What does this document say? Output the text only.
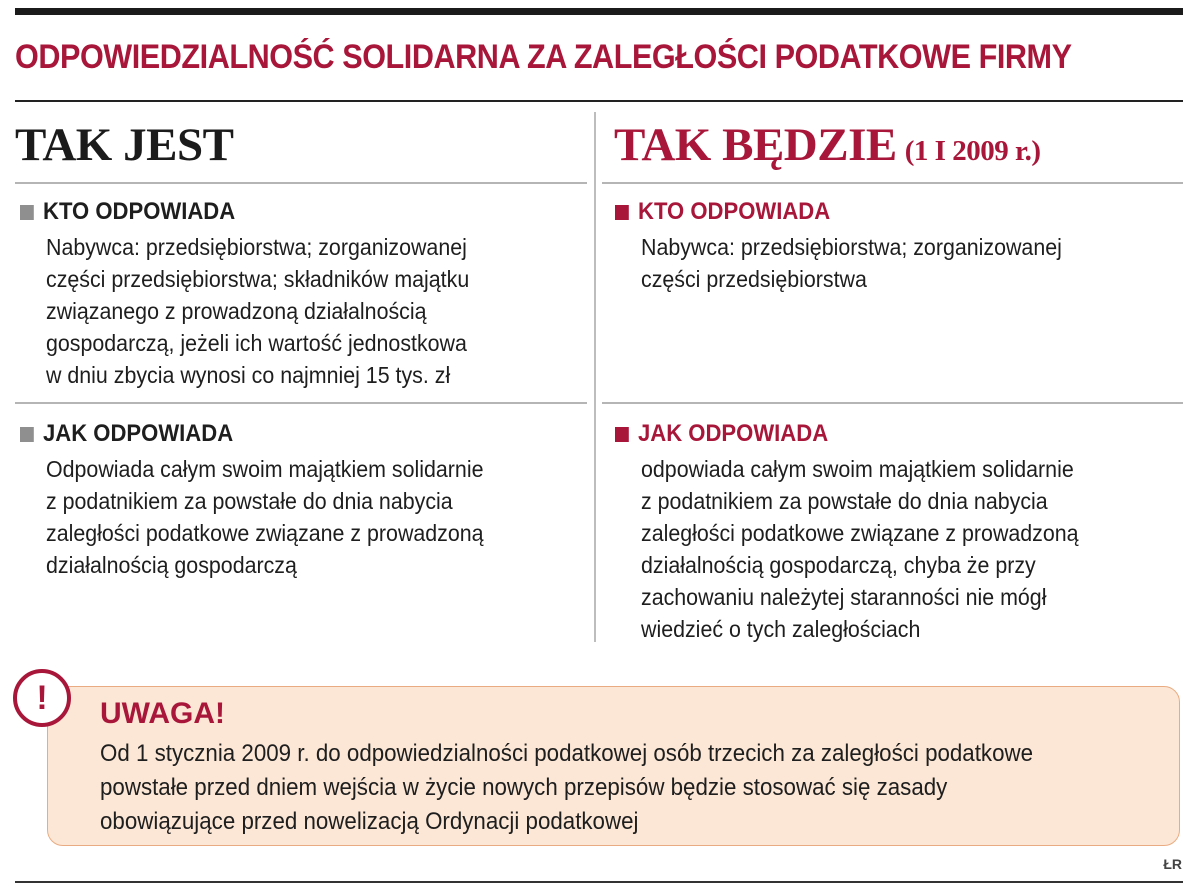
ODPOWIEDZIALNOŚĆ SOLIDARNA ZA ZALEGŁOŚCI PODATKOWE FIRMY
TAK JEST
KTO ODPOWIADA
Nabywca: przedsiębiorstwa; zorganizowanej
części przedsiębiorstwa; składników majątku
związanego z prowadzoną działalnością
gospodarczą, jeżeli ich wartość jednostkowa
w dniu zbycia wynosi co najmniej 15 tys. zł
JAK ODPOWIADA
Odpowiada całym swoim majątkiem solidarnie
z podatnikiem za powstałe do dnia nabycia
zaległości podatkowe związane z prowadzoną
działalnością gospodarczą
TAK BĘDZIE (1 I 2009 r.)
KTO ODPOWIADA
Nabywca: przedsiębiorstwa; zorganizowanej
części przedsiębiorstwa
JAK ODPOWIADA
odpowiada całym swoim majątkiem solidarnie
z podatnikiem za powstałe do dnia nabycia
zaległości podatkowe związane z prowadzoną
działalnością gospodarczą, chyba że przy
zachowaniu należytej staranności nie mógł
wiedzieć o tych zaległościach
! UWAGA!
Od 1 stycznia 2009 r. do odpowiedzialności podatkowej osób trzecich za zaległości podatkowe
powstałe przed dniem wejścia w życie nowych przepisów będzie stosować się zasady
obowiązujące przed nowelizacją Ordynacji podatkowej
ŁR
